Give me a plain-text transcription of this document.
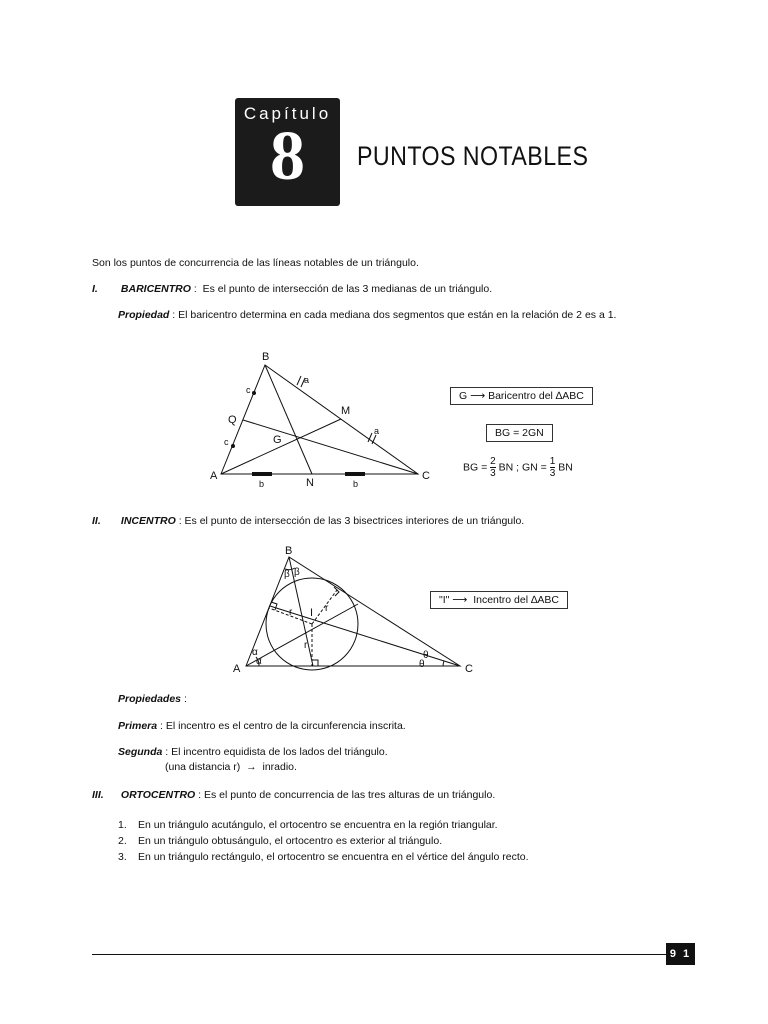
Capítulo
8	PUNTOS NOTABLES
Son los puntos de concurrencia de las líneas notables de un triángulo.
I. BARICENTRO : Es el punto de intersección de las 3 medianas de un triángulo.
Propiedad : El baricentro determina en cada mediana dos segmentos que están en la relación de 2 es a 1.
B
A	C
M
N
Q
G
a
a
b	b
c
c
G ⟶ Baricentro del ∆ABC
BG = 2GN
BG = $\frac{2}{3}$ BN ; GN = $\frac{1}{3}$ BN
II. INCENTRO : Es el punto de intersección de las 3 bisectrices interiores de un triángulo.
B
A	C
I
r	r
r
β β
α
α
θ
θ
"I" ⟶ Incentro del ∆ABC
Propiedades :
Primera : El incentro es el centro de la circunferencia inscrita.
Segunda : El incentro equidista de los lados del triángulo.
(una distancia r) → inradio.
III. ORTOCENTRO : Es el punto de concurrencia de las tres alturas de un triángulo.
1. En un triángulo acutángulo, el ortocentro se encuentra en la región triangular.
2. En un triángulo obtusángulo, el ortocentro es exterior al triángulo.
3. En un triángulo rectángulo, el ortocentro se encuentra en el vértice del ángulo recto.
9 1
